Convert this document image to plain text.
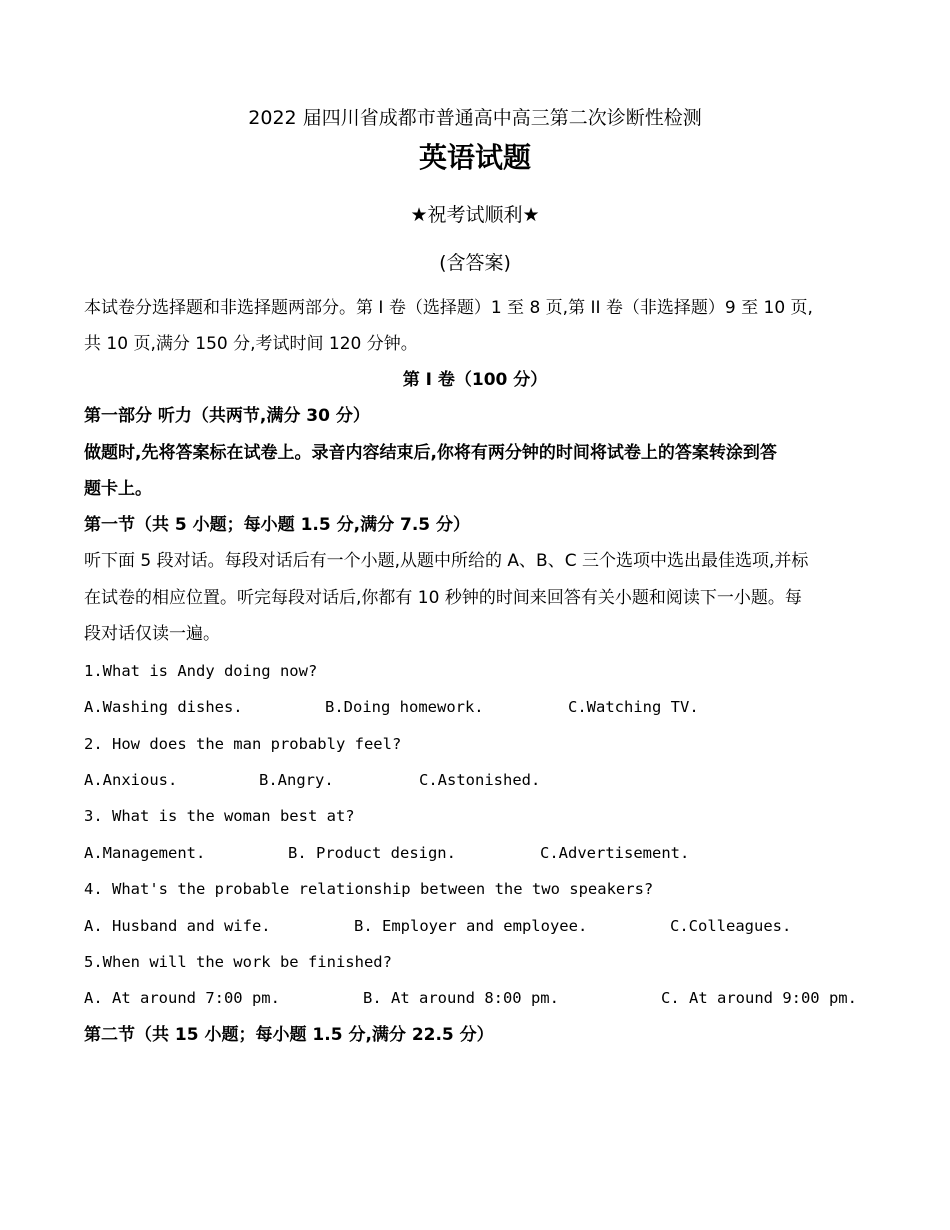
2022 届四川省成都市普通高中高三第二次诊断性检测
英语试题
★祝考试顺利★
(含答案)
本试卷分选择题和非选择题两部分。第 I 卷（选择题）1 至 8 页,第 II 卷（非选择题）9 至 10 页,
共 10 页,满分 150 分,考试时间 120 分钟。
第 I 卷（100 分）
第一部分 听力（共两节,满分 30 分）
做题时,先将答案标在试卷上。录音内容结束后,你将有两分钟的时间将试卷上的答案转涂到答
题卡上。
第一节（共 5 小题；每小题 1.5 分,满分 7.5 分）
听下面 5 段对话。每段对话后有一个小题,从题中所给的 A、B、C 三个选项中选出最佳选项,并标
在试卷的相应位置。听完每段对话后,你都有 10 秒钟的时间来回答有关小题和阅读下一小题。每
段对话仅读一遍。
1.What is Andy doing now?
A.Washing dishes.	B.Doing homework.	C.Watching TV.
2. How does the man probably feel?
A.Anxious.	B.Angry.	C.Astonished.
3. What is the woman best at?
A.Management.	B. Product design.	C.Advertisement.
4. What's the probable relationship between the two speakers?
A. Husband and wife.	B. Employer and employee.	C.Colleagues.
5.When will the work be finished?
A. At around 7:00 pm.	B. At around 8:00 pm.	C. At around 9:00 pm.
第二节（共 15 小题；每小题 1.5 分,满分 22.5 分）
